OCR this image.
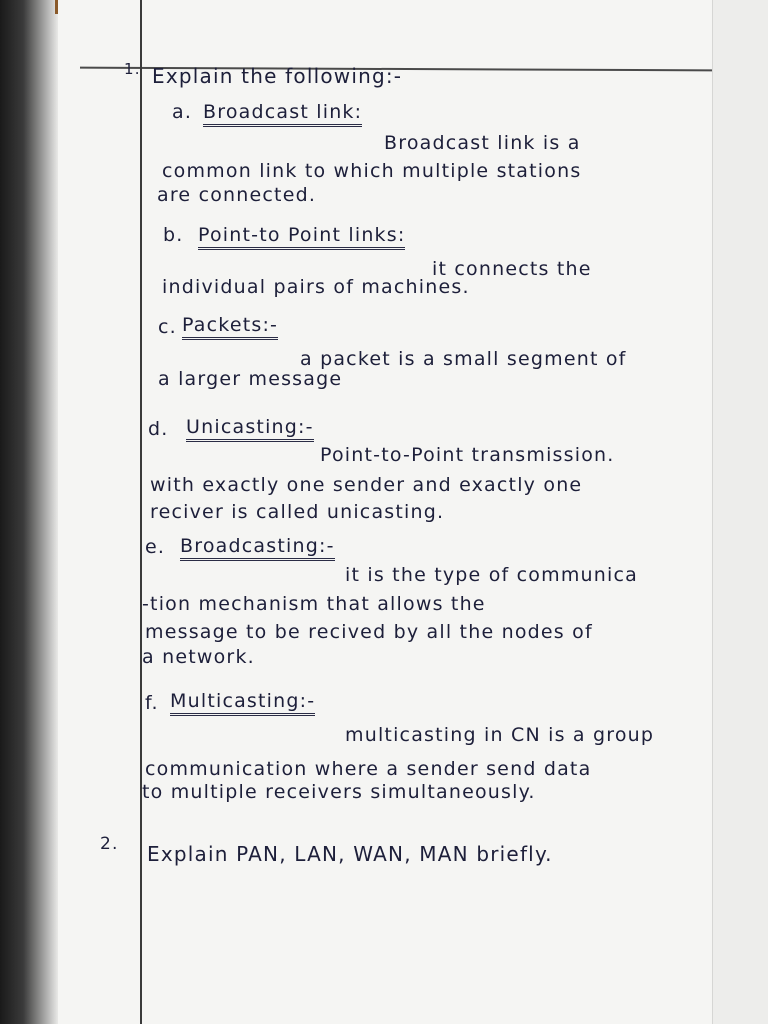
1. Explain the following:-
a. Broadcast link:
Broadcast link is a
common link to which multiple stations
are connected.
b. Point-to Point links:
it connects the
individual pairs of machines.
c. Packets:-
a packet is a small segment of
a larger message
d. Unicasting:-
Point-to-Point transmission.
with exactly one sender and exactly one
reciver is called unicasting.
e. Broadcasting:-
it is the type of communica
-tion mechanism that allows the
message to be recived by all the nodes of
a network.
f. Multicasting:-
multicasting in CN is a group
communication where a sender send data
to multiple receivers simultaneously.
2. Explain PAN, LAN, WAN, MAN briefly.
